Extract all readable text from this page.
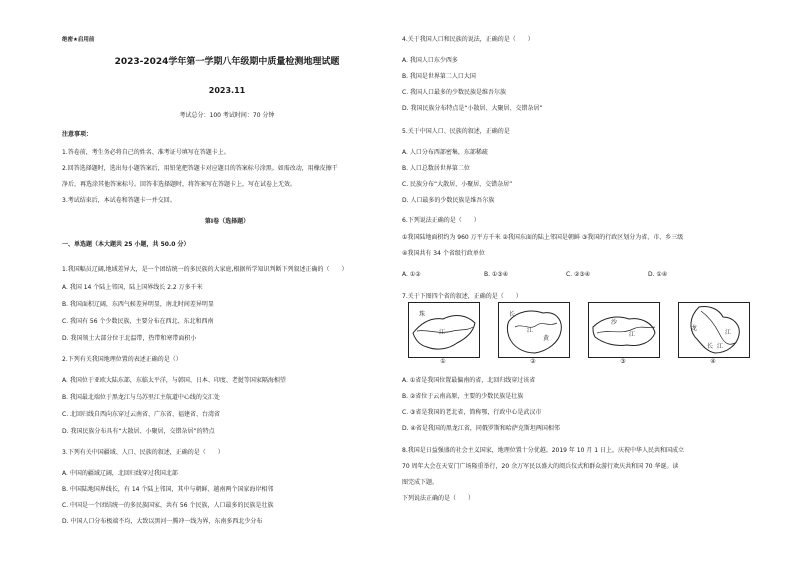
绝密★启用前
2023-2024学年第一学期八年级期中质量检测地理试题
2023.11
考试总分：100 考试时间：70 分钟
注意事项：
1.答卷前，考生务必将自己的姓名、准考证号填写在答题卡上。
2.回答选择题时，选出每小题答案后，用铅笔把答题卡对应题目的答案标号涂黑。如需改动，用橡皮擦干
净后，再选涂其他答案标号。回答非选择题时，将答案写在答题卡上，写在试卷上无效。
3.考试结束后，本试卷和答题卡一并交回。
第Ⅰ卷（选择题）
一、单选题（本大题共 25 小题，共 50.0 分）
1.我国幅员辽阔,地域差异大，是一个团结统一的多民族的大家庭,根据所学知识判断下列叙述正确的（　　）
A. 我国 14 个陆上邻国，陆上国界线长 2.2 万多千米
B. 我国面积辽阔，东西气候差异明显，南北时间差异明显
C. 我国有 56 个少数民族，主要分布在西北、东北和西南
D. 我国领土大部分位于北温带，热带和寒带面积小
2.下列有关我国地理位置的表述正确的是（）
A. 我国位于亚欧大陆东部，东临太平洋，与韩国、日本、印度、老挝等国家隔海相望
B. 我国最北端位于黑龙江与乌苏里江主航道中心线的交汇处
C. 北回归线自西向东穿过云南省、广东省、福建省、台湾省
D. 我国民族分布具有“大散居、小聚居，交错杂居”的特点
3.下列有关中国疆域、人口、民族的叙述，正确的是（　　）
A. 中国的疆域辽阔，北回归线穿过我国北部
B. 中国陆地国界线长，有 14 个陆上邻国，其中与朝鲜、越南两个国家海岸相邻
C. 中国是一个团结统一的多民族国家，共有 56 个民族，人口最多的民族是壮族
D. 中国人口分布极端不均，大致以黑河一腾冲一线为界，东南多西北少分布
4.关于我国人口和民族的说法，正确的是（　　）
A. 我国人口东少西多
B. 我国是世界第二人口大国
C. 我国人口最多的少数民族是维吾尔族
D. 我国民族分布特点是“小散居、大聚居、交错杂居”
5.关于中国人口、民族的叙述，正确的是
A. 人口分布西部密集，东部稀疏
B. 人口总数居世界第二位
C. 民族分布“大散居、小聚居、交错杂居”
D. 人口最多的少数民族是维吾尔族
6.下列说法正确的是（　　）
①我国陆地面积约为 960 万平方千米 ②我国东面的陆上邻国是朝鲜 ③我国的行政区划分为省、市、乡三级
④我国共有 34 个省级行政单位
A. ①②	B. ①③④	C. ②③④	D. ①④
7.关于下图四个省的叙述，正确的是（　　）
珠
江
①
长
江
黄
②
沙
江
③
龙
江
长 江
④
A. ①省是我国位置最偏南的省，北回归线穿过该省
B. ②省位于云南高原，主要的少数民族是壮族
C. ③省是我国的老北省，简称鄂，行政中心是武汉市
D. ④省是我国的黑龙江省，同俄罗斯和哈萨克斯坦两国相邻
8.我国是日益强盛的社会主义国家，地理位置十分优越。2019 年 10 月 1 日上，庆祝中华人民共和国成立
70 周年大会在天安门广场隆重举行，20 余万军民以盛大的阅兵仪式和群众游行欢庆共和国 70 华诞。读
图完成下题。
下列说法正确的是（　　）
